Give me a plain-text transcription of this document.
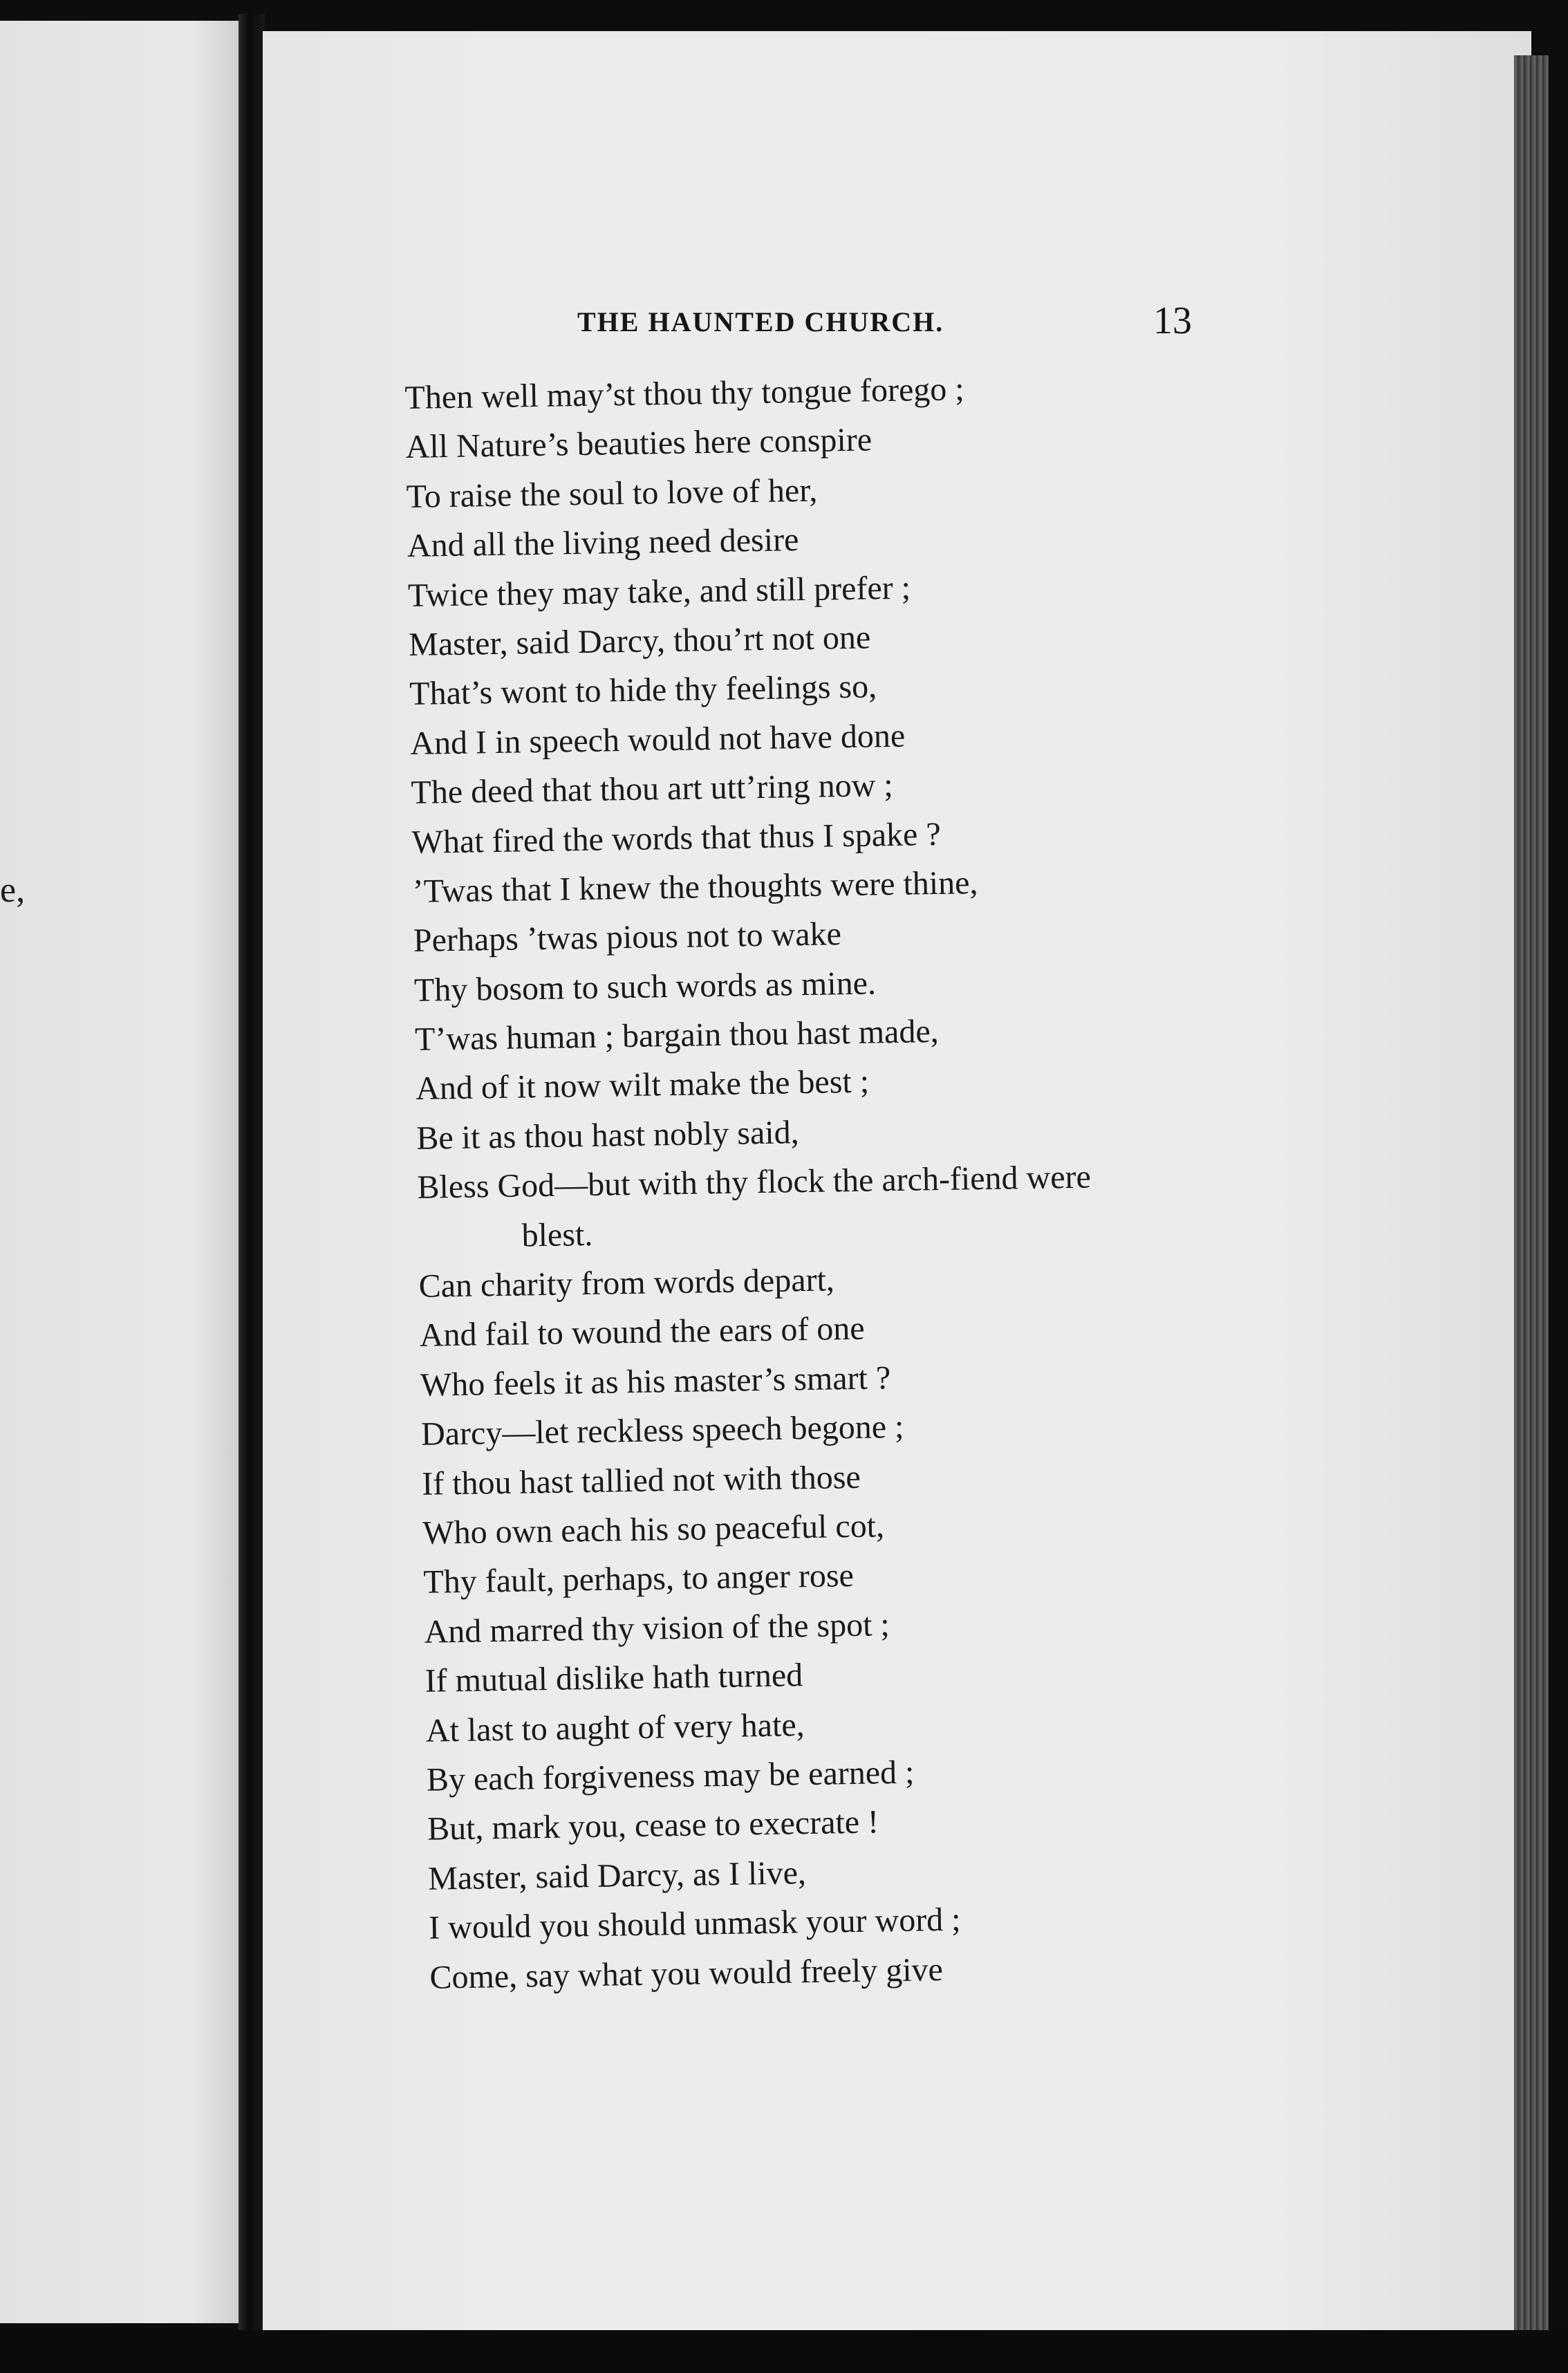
e,
THE HAUNTED CHURCH.	13
Then well may’st thou thy tongue forego ;
All Nature’s beauties here conspire
To raise the soul to love of her,
And all the living need desire
Twice they may take, and still prefer ;
Master, said Darcy, thou’rt not one
That’s wont to hide thy feelings so,
And I in speech would not have done
The deed that thou art utt’ring now ;
What fired the words that thus I spake ?
’Twas that I knew the thoughts were thine,
Perhaps ’twas pious not to wake
Thy bosom to such words as mine.
T’was human ; bargain thou hast made,
And of it now wilt make the best ;
Be it as thou hast nobly said,
Bless God—but with thy flock the arch-fiend were
blest.
Can charity from words depart,
And fail to wound the ears of one
Who feels it as his master’s smart ?
Darcy—let reckless speech begone ;
If thou hast tallied not with those
Who own each his so peaceful cot,
Thy fault, perhaps, to anger rose
And marred thy vision of the spot ;
If mutual dislike hath turned
At last to aught of very hate,
By each forgiveness may be earned ;
But, mark you, cease to execrate !
Master, said Darcy, as I live,
I would you should unmask your word ;
Come, say what you would freely give
